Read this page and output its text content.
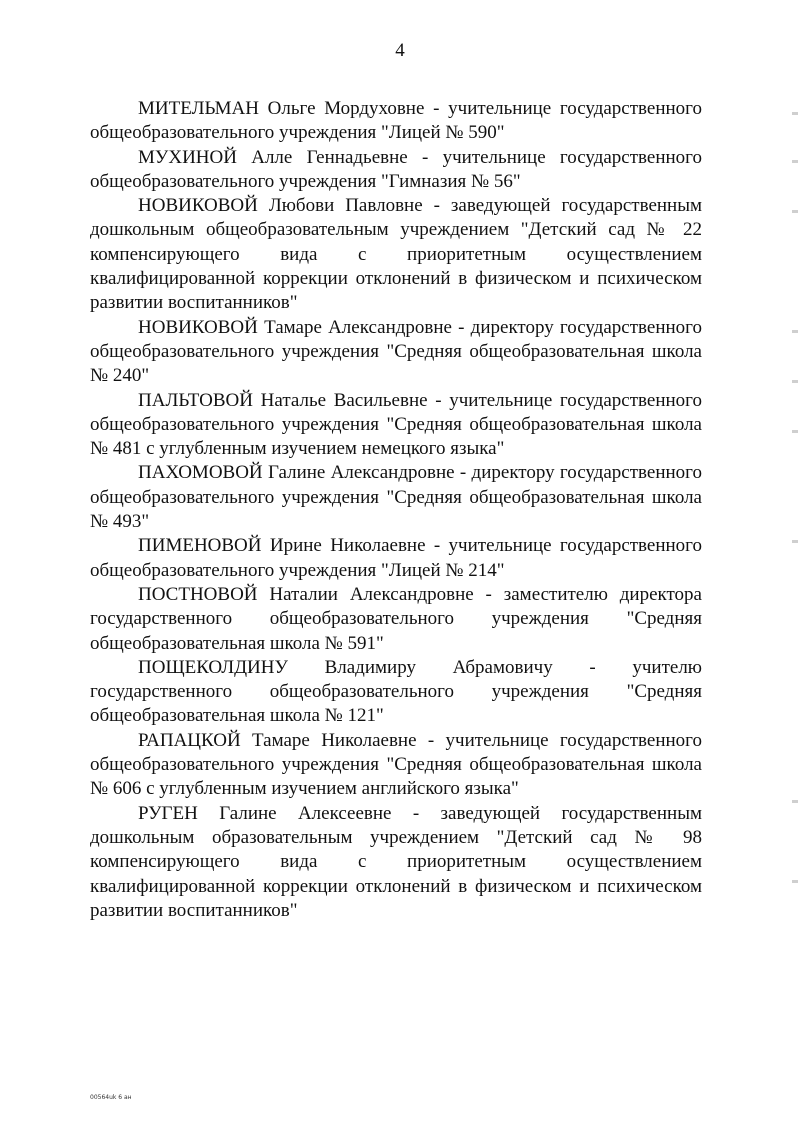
4

МИТЕЛЬМАН Ольге Мордуховне - учительнице государственного общеобразовательного учреждения "Лицей № 590"

МУХИНОЙ Алле Геннадьевне - учительнице государственного общеобразовательного учреждения "Гимназия № 56"

НОВИКОВОЙ Любови Павловне - заведующей государственным дошкольным общеобразовательным учреждением "Детский сад № 22 компенсирующего вида с приоритетным осуществлением квалифицированной коррекции отклонений в физическом и психическом развитии воспитанников"

НОВИКОВОЙ Тамаре Александровне - директору государственного общеобразовательного учреждения "Средняя общеобразовательная школа № 240"

ПАЛЬТОВОЙ Наталье Васильевне - учительнице государственного общеобразовательного учреждения "Средняя общеобразовательная школа № 481 с углубленным изучением немецкого языка"

ПАХОМОВОЙ Галине Александровне - директору государственного общеобразовательного учреждения "Средняя общеобразовательная школа № 493"

ПИМЕНОВОЙ Ирине Николаевне - учительнице государственного общеобразовательного учреждения "Лицей № 214"

ПОСТНОВОЙ Наталии Александровне - заместителю директора государственного общеобразовательного учреждения "Средняя общеобразовательная школа № 591"

ПОЩЕКОЛДИНУ Владимиру Абрамовичу - учителю государственного общеобразовательного учреждения "Средняя общеобразовательная школа № 121"

РАПАЦКОЙ Тамаре Николаевне - учительнице государственного общеобразовательного учреждения "Средняя общеобразовательная школа № 606 с углубленным изучением английского языка"

РУГЕН Галине Алексеевне - заведующей государственным дошкольным образовательным учреждением "Детский сад № 98 компенсирующего вида с приоритетным осуществлением квалифицированной коррекции отклонений в физическом и психическом развитии воспитанников"

00564uk 6 ан
